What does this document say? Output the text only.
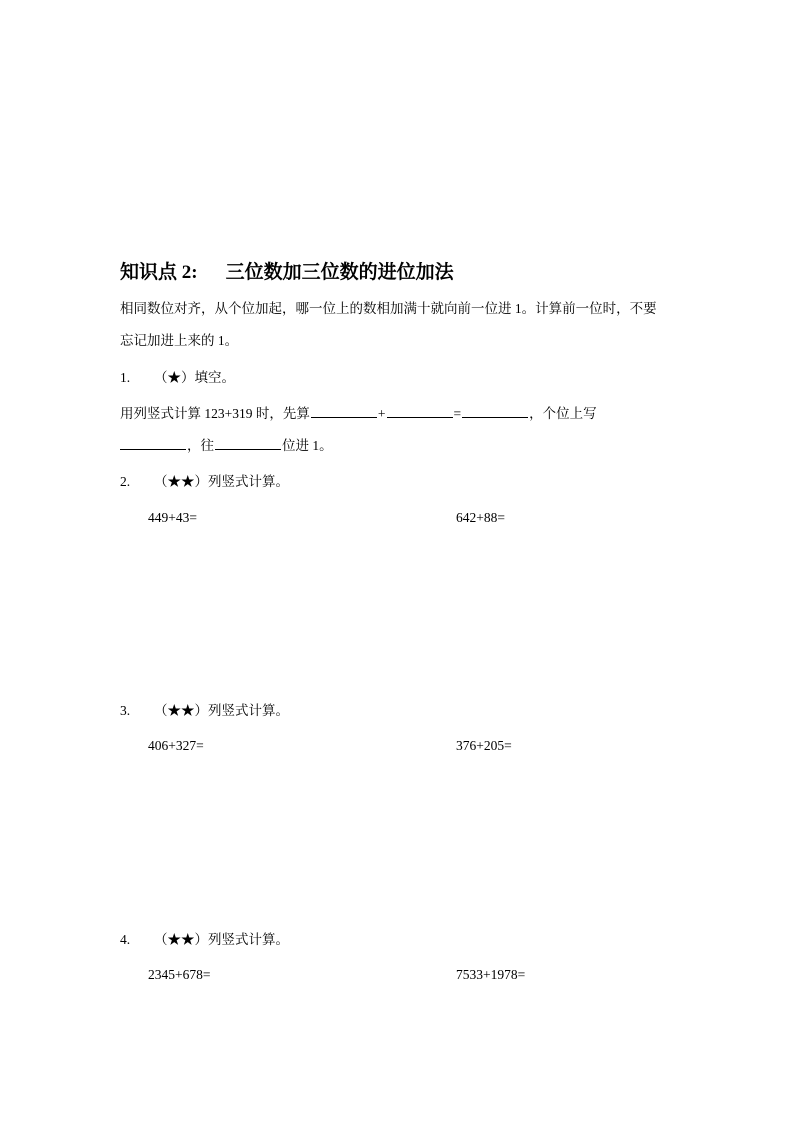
知识点 2: 三位数加三位数的进位加法
相同数位对齐，从个位加起，哪一位上的数相加满十就向前一位进 1。计算前一位时，不要
忘记加进上来的 1。
1. （★）填空。
用列竖式计算 123+319 时，先算	+	=	，个位上写
，往	位进 1。
2. （★★）列竖式计算。
449+43=	642+88=
3. （★★）列竖式计算。
406+327=	376+205=
4. （★★）列竖式计算。
2345+678=	7533+1978=
